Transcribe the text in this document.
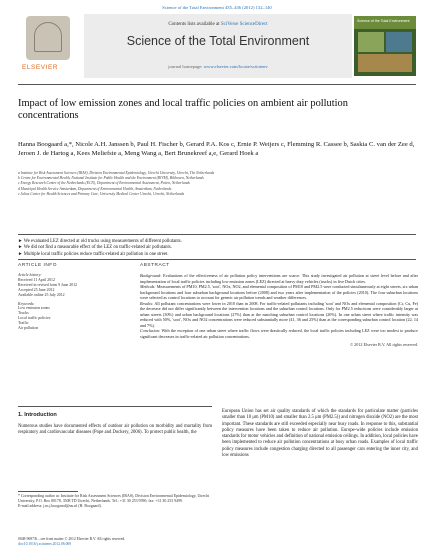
Science of the Total Environment 435–436 (2012) 132–140
ELSEVIER
Contents lists available at SciVerse ScienceDirect
Science of the Total Environment
journal homepage: www.elsevier.com/locate/scitotenv
Science of the Total Environment
Impact of low emission zones and local traffic policies on ambient air pollution concentrations
Hanna Boogaard a,*, Nicole A.H. Janssen b, Paul H. Fischer b, Gerard P.A. Kos c, Ernie P. Weijers c, Flemming R. Cassee b, Saskia C. van der Zee d, Jeroen J. de Hartog a, Kees Meliefste a, Meng Wang a, Bert Brunekreef a,e, Gerard Hoek a
a Institute for Risk Assessment Sciences (IRAS), Division Environmental Epidemiology, Utrecht University, Utrecht, The Netherlands
b Centre for Environmental Health, National Institute for Public Health and the Environment (RIVM), Bilthoven, Netherlands
c Energy Research Centre of the Netherlands (ECN), Department of Environmental Assessment, Petten, Netherlands
d Municipal Health Service Amsterdam, Department of Environmental Health, Amsterdam, Netherlands
e Julius Center for Health Sciences and Primary Care, University Medical Center Utrecht, Utrecht, Netherlands
► We evaluated LEZ directed at old trucks using measurements of different pollutants.
► We did not find a measurable effect of the LEZ on traffic-related air pollutants.
► Multiple local traffic policies reduce traffic-related air pollution in one street.
ARTICLE INFO
Article history:
Received 11 April 2012
Received in revised form 9 June 2012
Accepted 25 June 2012
Available online 25 July 2012
Keywords:
Low emission zones
Trucks
Local traffic policies
Traffic
Air pollution
ABSTRACT

Background: Evaluations of the effectiveness of air pollution policy interventions are scarce. This study investigated air pollution at street level before and after implementation of local traffic policies including low emission zones (LEZ) directed at heavy duty vehicles (trucks) in five Dutch cities.

Methods: Measurements of PM10, PM2.5, 'soot', NOx, NO2, and elemental composition of PM10 and PM2.5 were conducted simultaneously at eight streets, six urban background locations and four suburban background locations before (2008) and two years after implementation of the policies (2010). The four suburban locations were selected as control locations to account for generic air pollution trends and weather differences.

Results: All pollutant concentrations were lower in 2010 than in 2008. For traffic-related pollutants including 'soot' and NOx and elemental composition (Cr, Cu, Fe) the decrease did not differ significantly between the intervention locations and the suburban control locations. Only for PM2.5 reductions were considerably larger at urban streets (30%) and urban background locations (27%) than at the matching suburban control locations (20%). In one urban street where traffic intensity was reduced with 50%, 'soot', NOx and NO2 concentrations were reduced substantially more (41, 36 and 25%) than at the corresponding suburban control location (22, 14 and 7%).

Conclusion: With the exception of one urban street where traffic flows were drastically reduced, the local traffic policies including LEZ were too modest to produce significant decreases in traffic-related air pollution concentrations.

© 2012 Elsevier B.V. All rights reserved.
1. Introduction
Numerous studies have documented effects of outdoor air pollution on morbidity and mortality from respiratory and cardiovascular diseases (Pope and Dockery, 2006). To protect public health, the
European Union has set air quality standards of which the standards for particulate matter (particles smaller than 10 μm (PM10) and smaller than 2.5 μm (PM2.5)) and nitrogen dioxide (NO2) are the most important. These standards are still exceeded especially near busy roads. In response to this, substantial policy measures have been taken to reduce air pollution. Europe-wide policies include emission standards for motor vehicles and definition of national emission ceilings. In addition, local policies have been implemented to reduce air pollution concentrations at busy urban roads. Examples of local traffic policy measures include congestion charging directed to all passenger cars entering the inner city, and low emissions
* Corresponding author at: Institute for Risk Assessment Sciences (IRAS), Division Environmental Epidemiology, Utrecht University, P.O. Box 80178, 3508 TD Utrecht, Netherlands. Tel.: +31 30 253 9590; fax: +31 30 253 9499.
E-mail address: j.m.j.boogaard@uu.nl (H. Boogaard).
0048-9697/$ – see front matter © 2012 Elsevier B.V. All rights reserved.
doi:10.1016/j.scitotenv.2012.06.069
